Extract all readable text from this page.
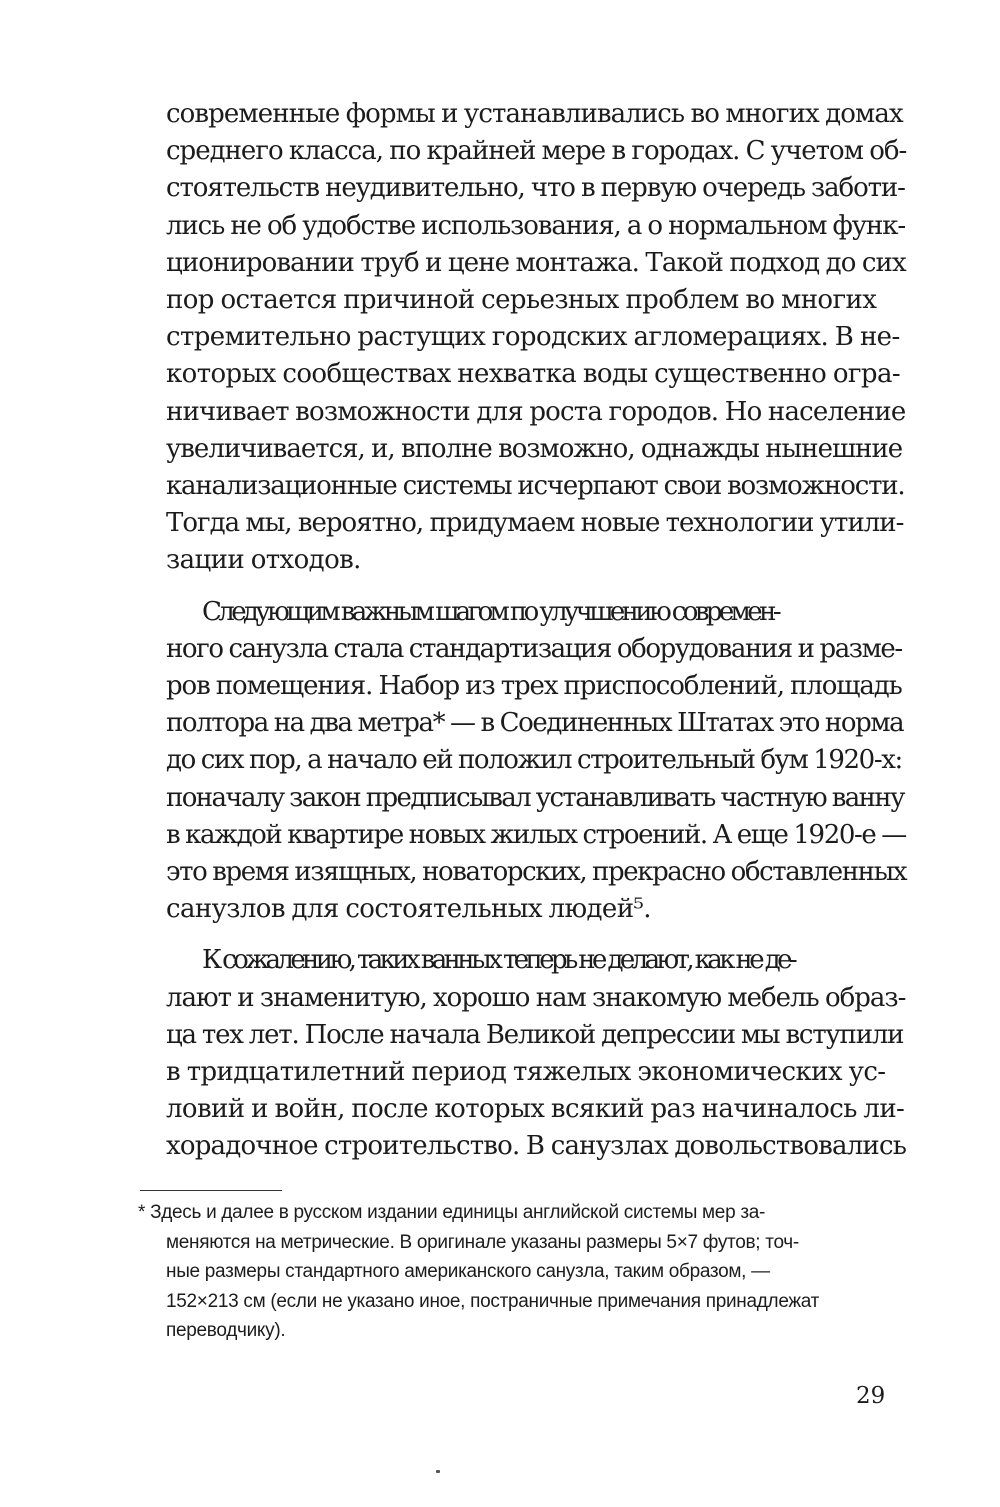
современные формы и устанавливались во многих домах
среднего класса, по крайней мере в городах. С учетом об-
стоятельств неудивительно, что в первую очередь заботи-
лись не об удобстве использования, а о нормальном функ-
ционировании труб и цене монтажа. Такой подход до сих
пор остается причиной серьезных проблем во многих
стремительно растущих городских агломерациях. В не-
которых сообществах нехватка воды существенно огра-
ничивает возможности для роста городов. Но население
увеличивается, и, вполне возможно, однажды нынешние
канализационные системы исчерпают свои возможности.
Тогда мы, вероятно, придумаем новые технологии утили-
зации отходов.
Следующим важным шагом по улучшению современ-
ного санузла стала стандартизация оборудования и разме-
ров помещения. Набор из трех приспособлений, площадь
полтора на два метра* — в Соединенных Штатах это норма
до сих пор, а начало ей положил строительный бум 1920-х:
поначалу закон предписывал устанавливать частную ванну
в каждой квартире новых жилых строений. А еще 1920-е —
это время изящных, новаторских, прекрасно обставленных
санузлов для состоятельных людей⁵.
К сожалению, таких ванных теперь не делают, как не де-
лают и знаменитую, хорошо нам знакомую мебель образ-
ца тех лет. После начала Великой депрессии мы вступили
в тридцатилетний период тяжелых экономических ус-
ловий и войн, после которых всякий раз начиналось ли-
хорадочное строительство. В санузлах довольствовались
* Здесь и далее в русском издании единицы английской системы мер за-
меняются на метрические. В оригинале указаны размеры 5×7 футов; точ-
ные размеры стандартного американского санузла, таким образом, —
152×213 см (если не указано иное, постраничные примечания принадлежат
переводчику).
29
